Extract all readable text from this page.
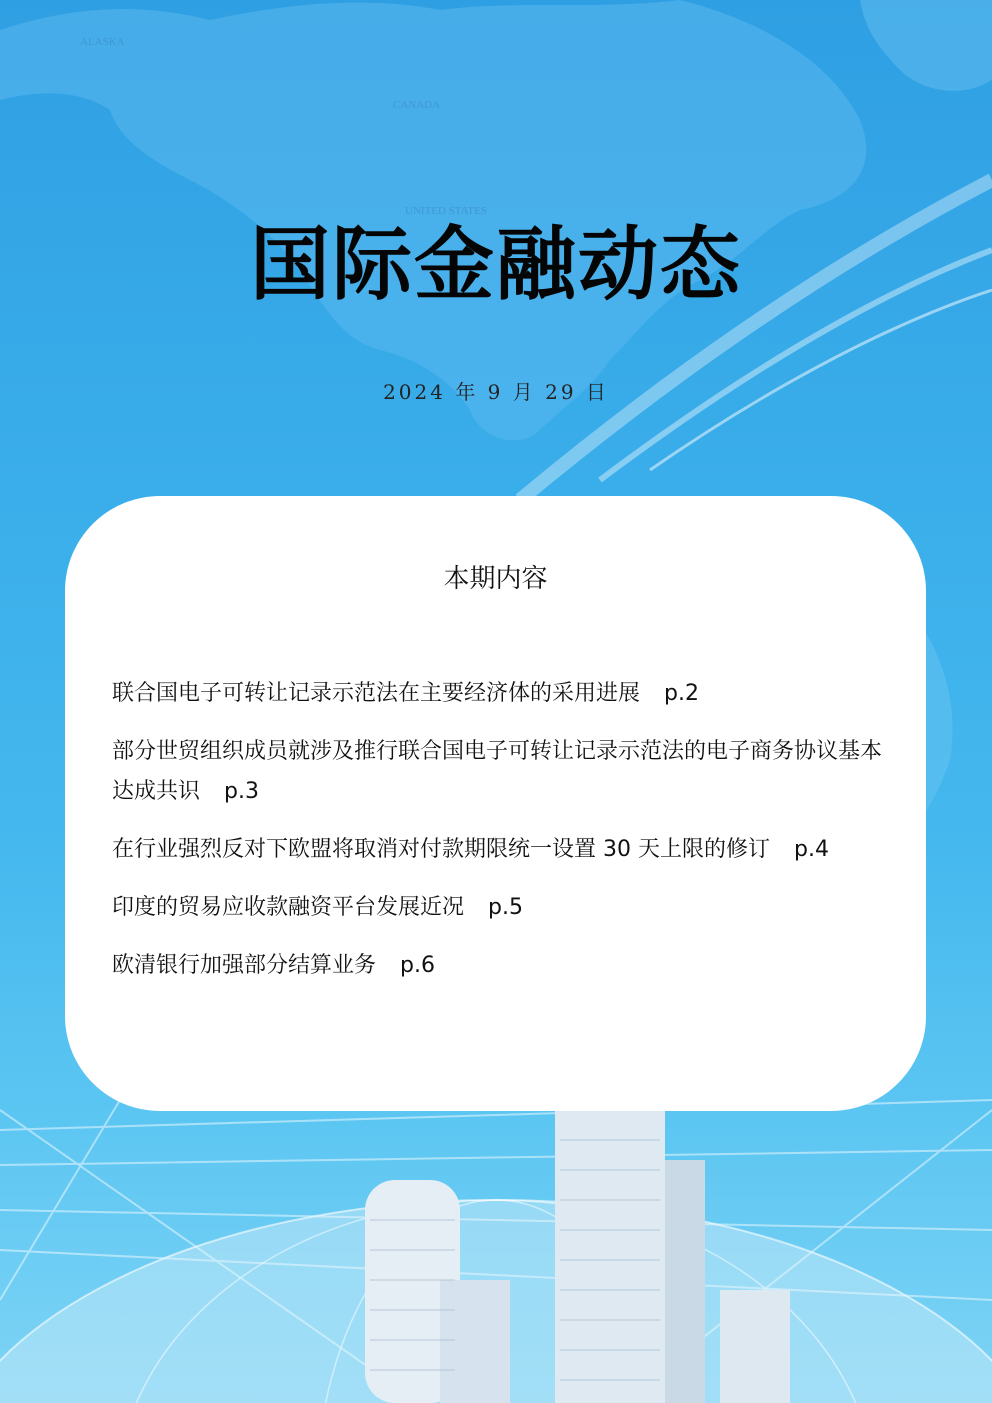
ALASKA
CANADA
UNITED STATES
国际金融动态
2024 年 9 月 29 日
本期内容
联合国电子可转让记录示范法在主要经济体的采用进展 p.2
部分世贸组织成员就涉及推行联合国电子可转让记录示范法的电子商务协议基本达成共识 p.3
在行业强烈反对下欧盟将取消对付款期限统一设置 30 天上限的修订 p.4
印度的贸易应收款融资平台发展近况 p.5
欧清银行加强部分结算业务 p.6
